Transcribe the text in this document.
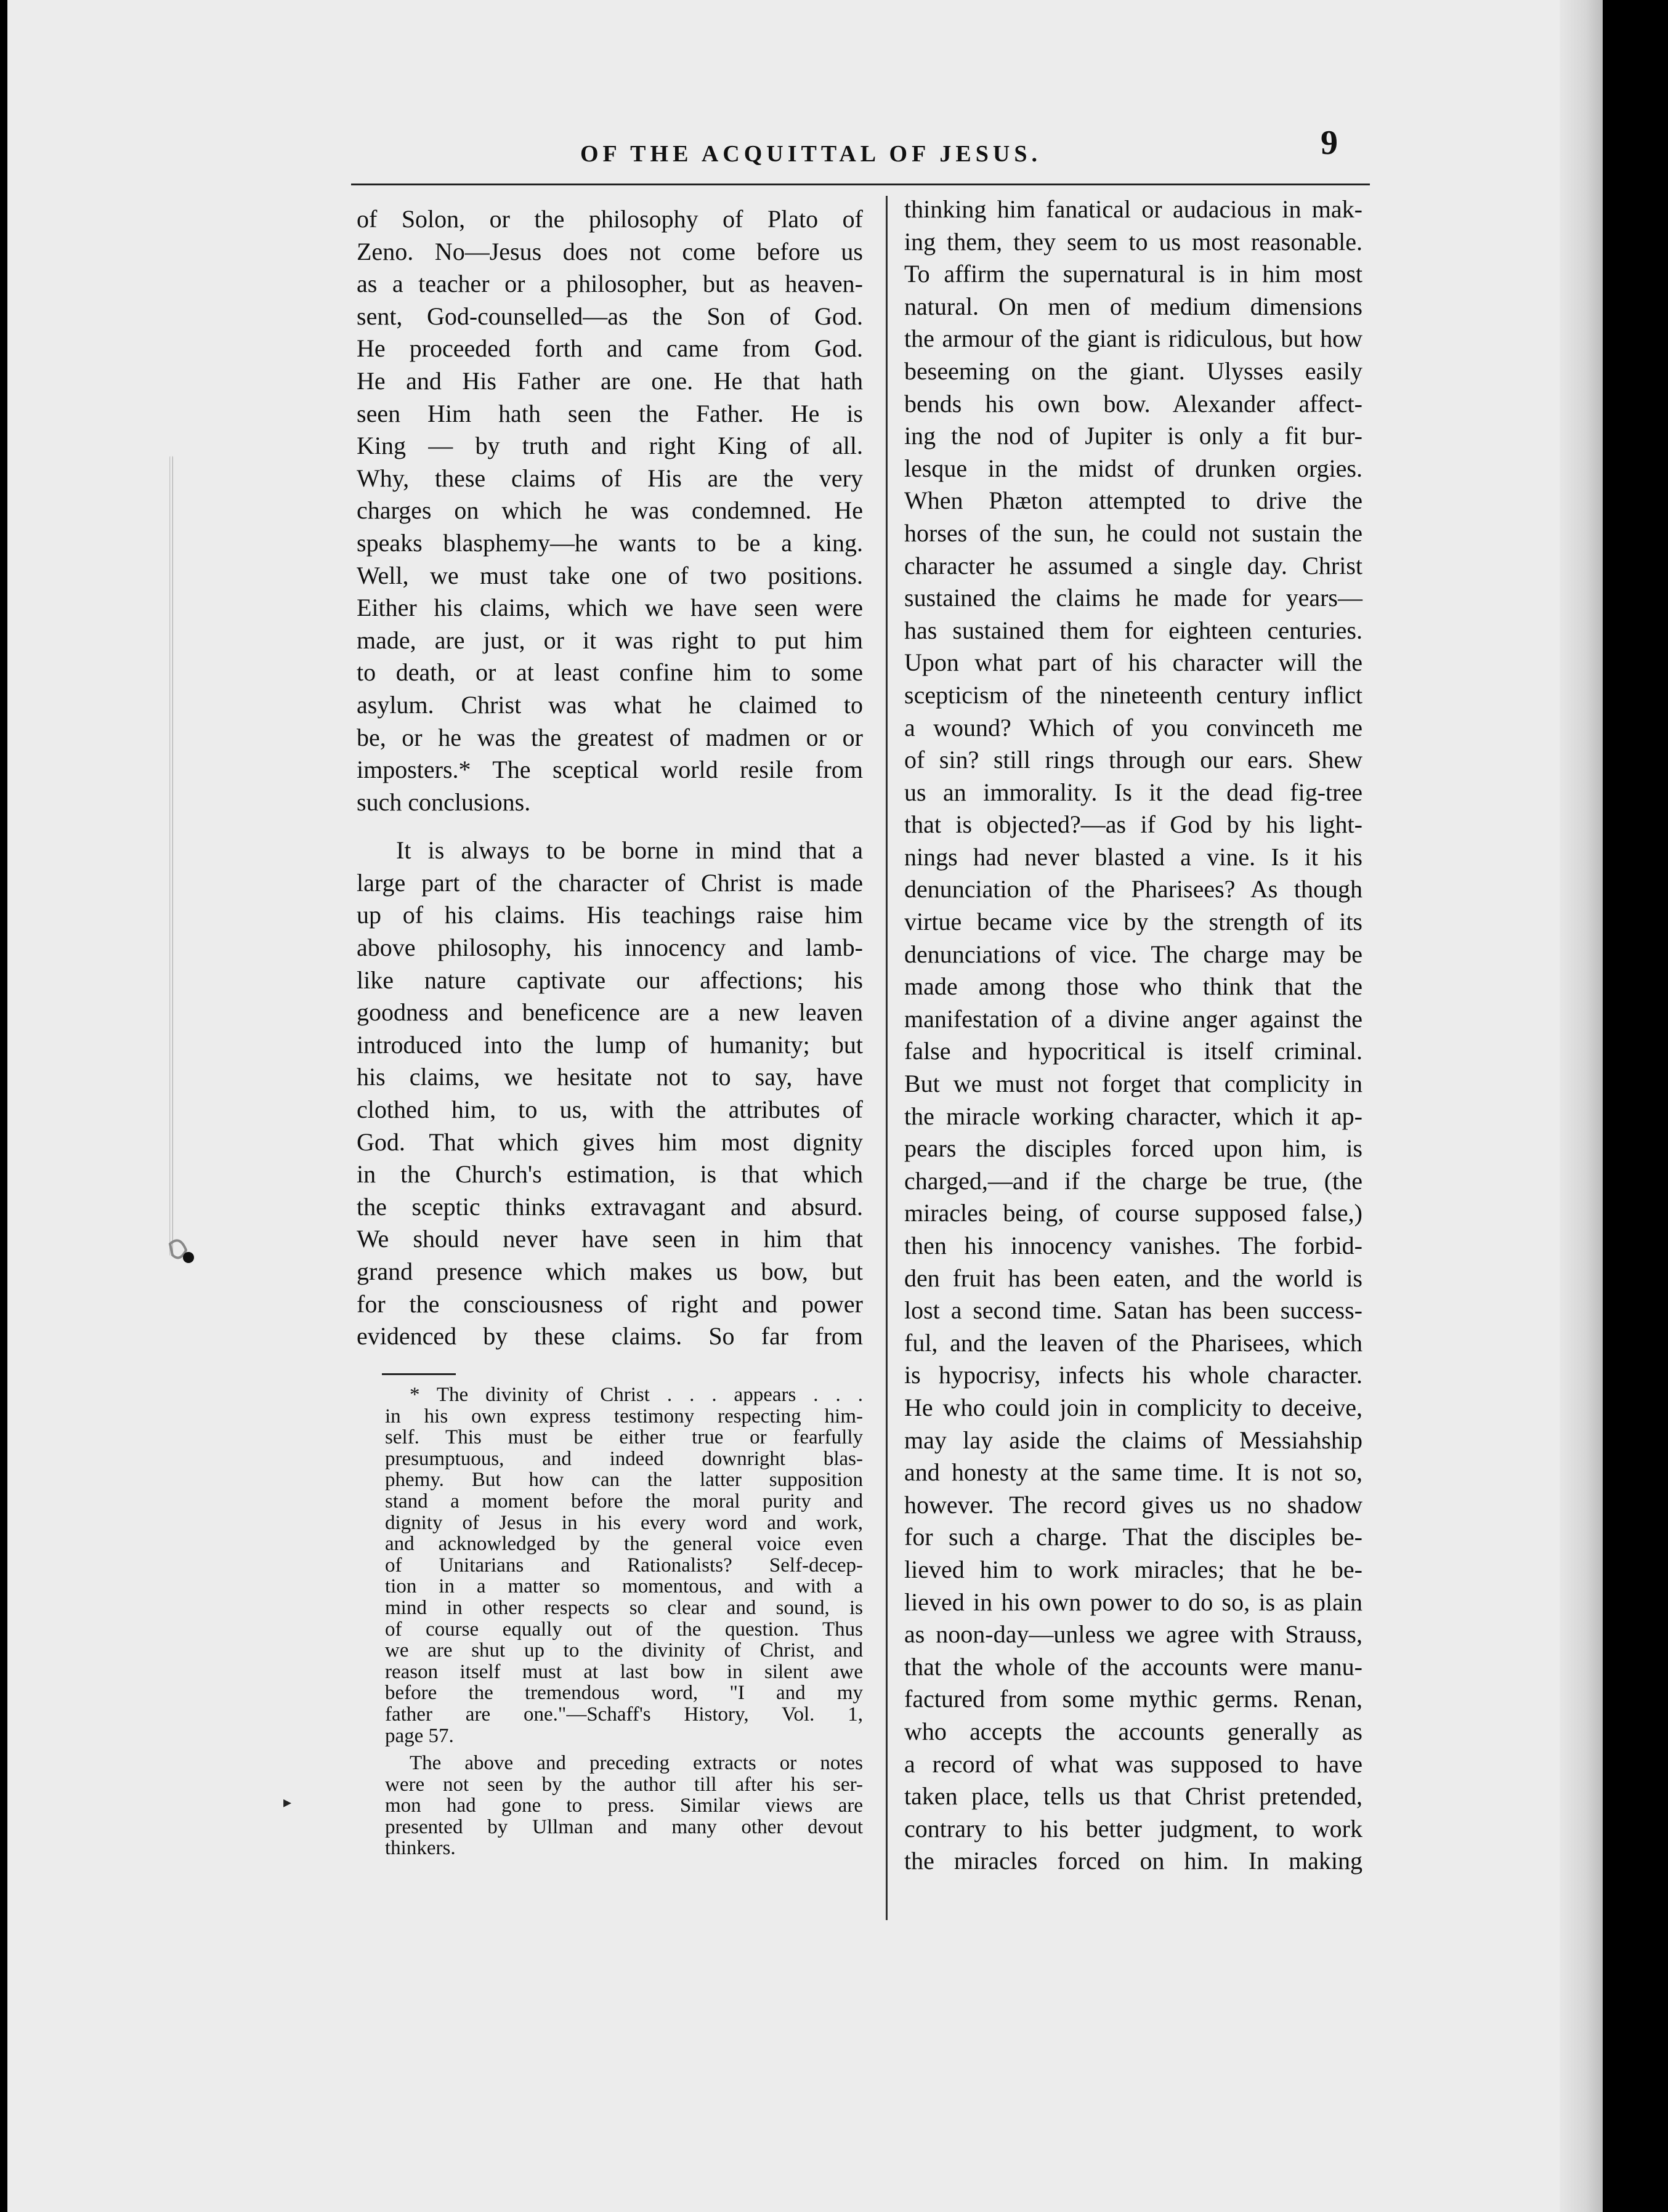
▸
OF THE ACQUITTAL OF JESUS.	9
of Solon, or the philosophy of Plato of
Zeno. No—Jesus does not come before us
as a teacher or a philosopher, but as heaven-
sent, God-counselled—as the Son of God.
He proceeded forth and came from God.
He and His Father are one. He that hath
seen Him hath seen the Father. He is
King — by truth and right King of all.
Why, these claims of His are the very
charges on which he was condemned. He
speaks blasphemy—he wants to be a king.
Well, we must take one of two positions.
Either his claims, which we have seen were
made, are just, or it was right to put him
to death, or at least confine him to some
asylum. Christ was what he claimed to
be, or he was the greatest of madmen or or
imposters.* The sceptical world resile from
such conclusions.
It is always to be borne in mind that a
large part of the character of Christ is made
up of his claims. His teachings raise him
above philosophy, his innocency and lamb-
like nature captivate our affections; his
goodness and beneficence are a new leaven
introduced into the lump of humanity; but
his claims, we hesitate not to say, have
clothed him, to us, with the attributes of
God. That which gives him most dignity
in the Church's estimation, is that which
the sceptic thinks extravagant and absurd.
We should never have seen in him that
grand presence which makes us bow, but
for the consciousness of right and power
evidenced by these claims. So far from
thinking him fanatical or audacious in mak-
ing them, they seem to us most reasonable.
To affirm the supernatural is in him most
natural. On men of medium dimensions
the armour of the giant is ridiculous, but how
beseeming on the giant. Ulysses easily
bends his own bow. Alexander affect-
ing the nod of Jupiter is only a fit bur-
lesque in the midst of drunken orgies.
When Phæton attempted to drive the
horses of the sun, he could not sustain the
character he assumed a single day. Christ
sustained the claims he made for years—
has sustained them for eighteen centuries.
Upon what part of his character will the
scepticism of the nineteenth century inflict
a wound? Which of you convinceth me
of sin? still rings through our ears. Shew
us an immorality. Is it the dead fig-tree
that is objected?—as if God by his light-
nings had never blasted a vine. Is it his
denunciation of the Pharisees? As though
virtue became vice by the strength of its
denunciations of vice. The charge may be
made among those who think that the
manifestation of a divine anger against the
false and hypocritical is itself criminal.
But we must not forget that complicity in
the miracle working character, which it ap-
pears the disciples forced upon him, is
charged,—and if the charge be true, (the
miracles being, of course supposed false,)
then his innocency vanishes. The forbid-
den fruit has been eaten, and the world is
lost a second time. Satan has been success-
ful, and the leaven of the Pharisees, which
is hypocrisy, infects his whole character.
He who could join in complicity to deceive,
may lay aside the claims of Messiahship
and honesty at the same time. It is not so,
however. The record gives us no shadow
for such a charge. That the disciples be-
lieved him to work miracles; that he be-
lieved in his own power to do so, is as plain
as noon-day—unless we agree with Strauss,
that the whole of the accounts were manu-
factured from some mythic germs. Renan,
who accepts the accounts generally as
a record of what was supposed to have
taken place, tells us that Christ pretended,
contrary to his better judgment, to work
the miracles forced on him. In making
* The divinity of Christ . . . appears . . .
in his own express testimony respecting him-
self. This must be either true or fearfully
presumptuous, and indeed downright blas-
phemy. But how can the latter supposition
stand a moment before the moral purity and
dignity of Jesus in his every word and work,
and acknowledged by the general voice even
of Unitarians and Rationalists? Self-decep-
tion in a matter so momentous, and with a
mind in other respects so clear and sound, is
of course equally out of the question. Thus
we are shut up to the divinity of Christ, and
reason itself must at last bow in silent awe
before the tremendous word, "I and my
father are one."—Schaff's History, Vol. 1,
page 57.
The above and preceding extracts or notes
were not seen by the author till after his ser-
mon had gone to press. Similar views are
presented by Ullman and many other devout
thinkers.
